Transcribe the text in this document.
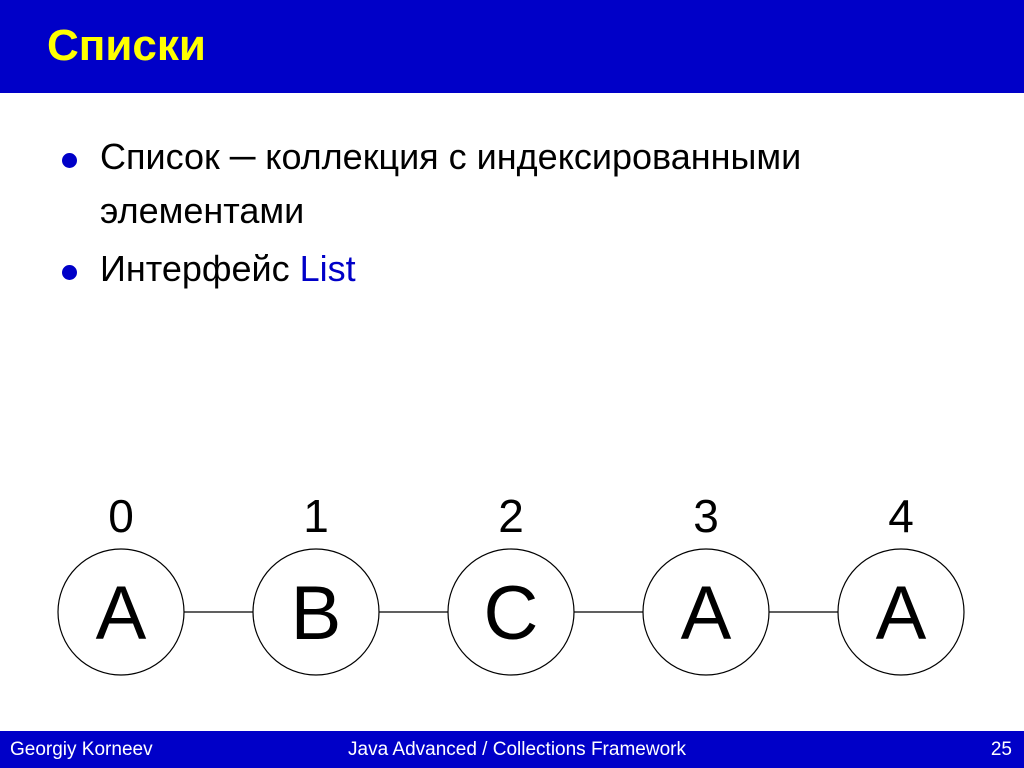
Списки
Список ─ коллекция с индексированными элементами
Интерфейс List
0
A
1
B
2
C
3
A
4
A
Georgiy Korneev	Java Advanced / Collections Framework	25
